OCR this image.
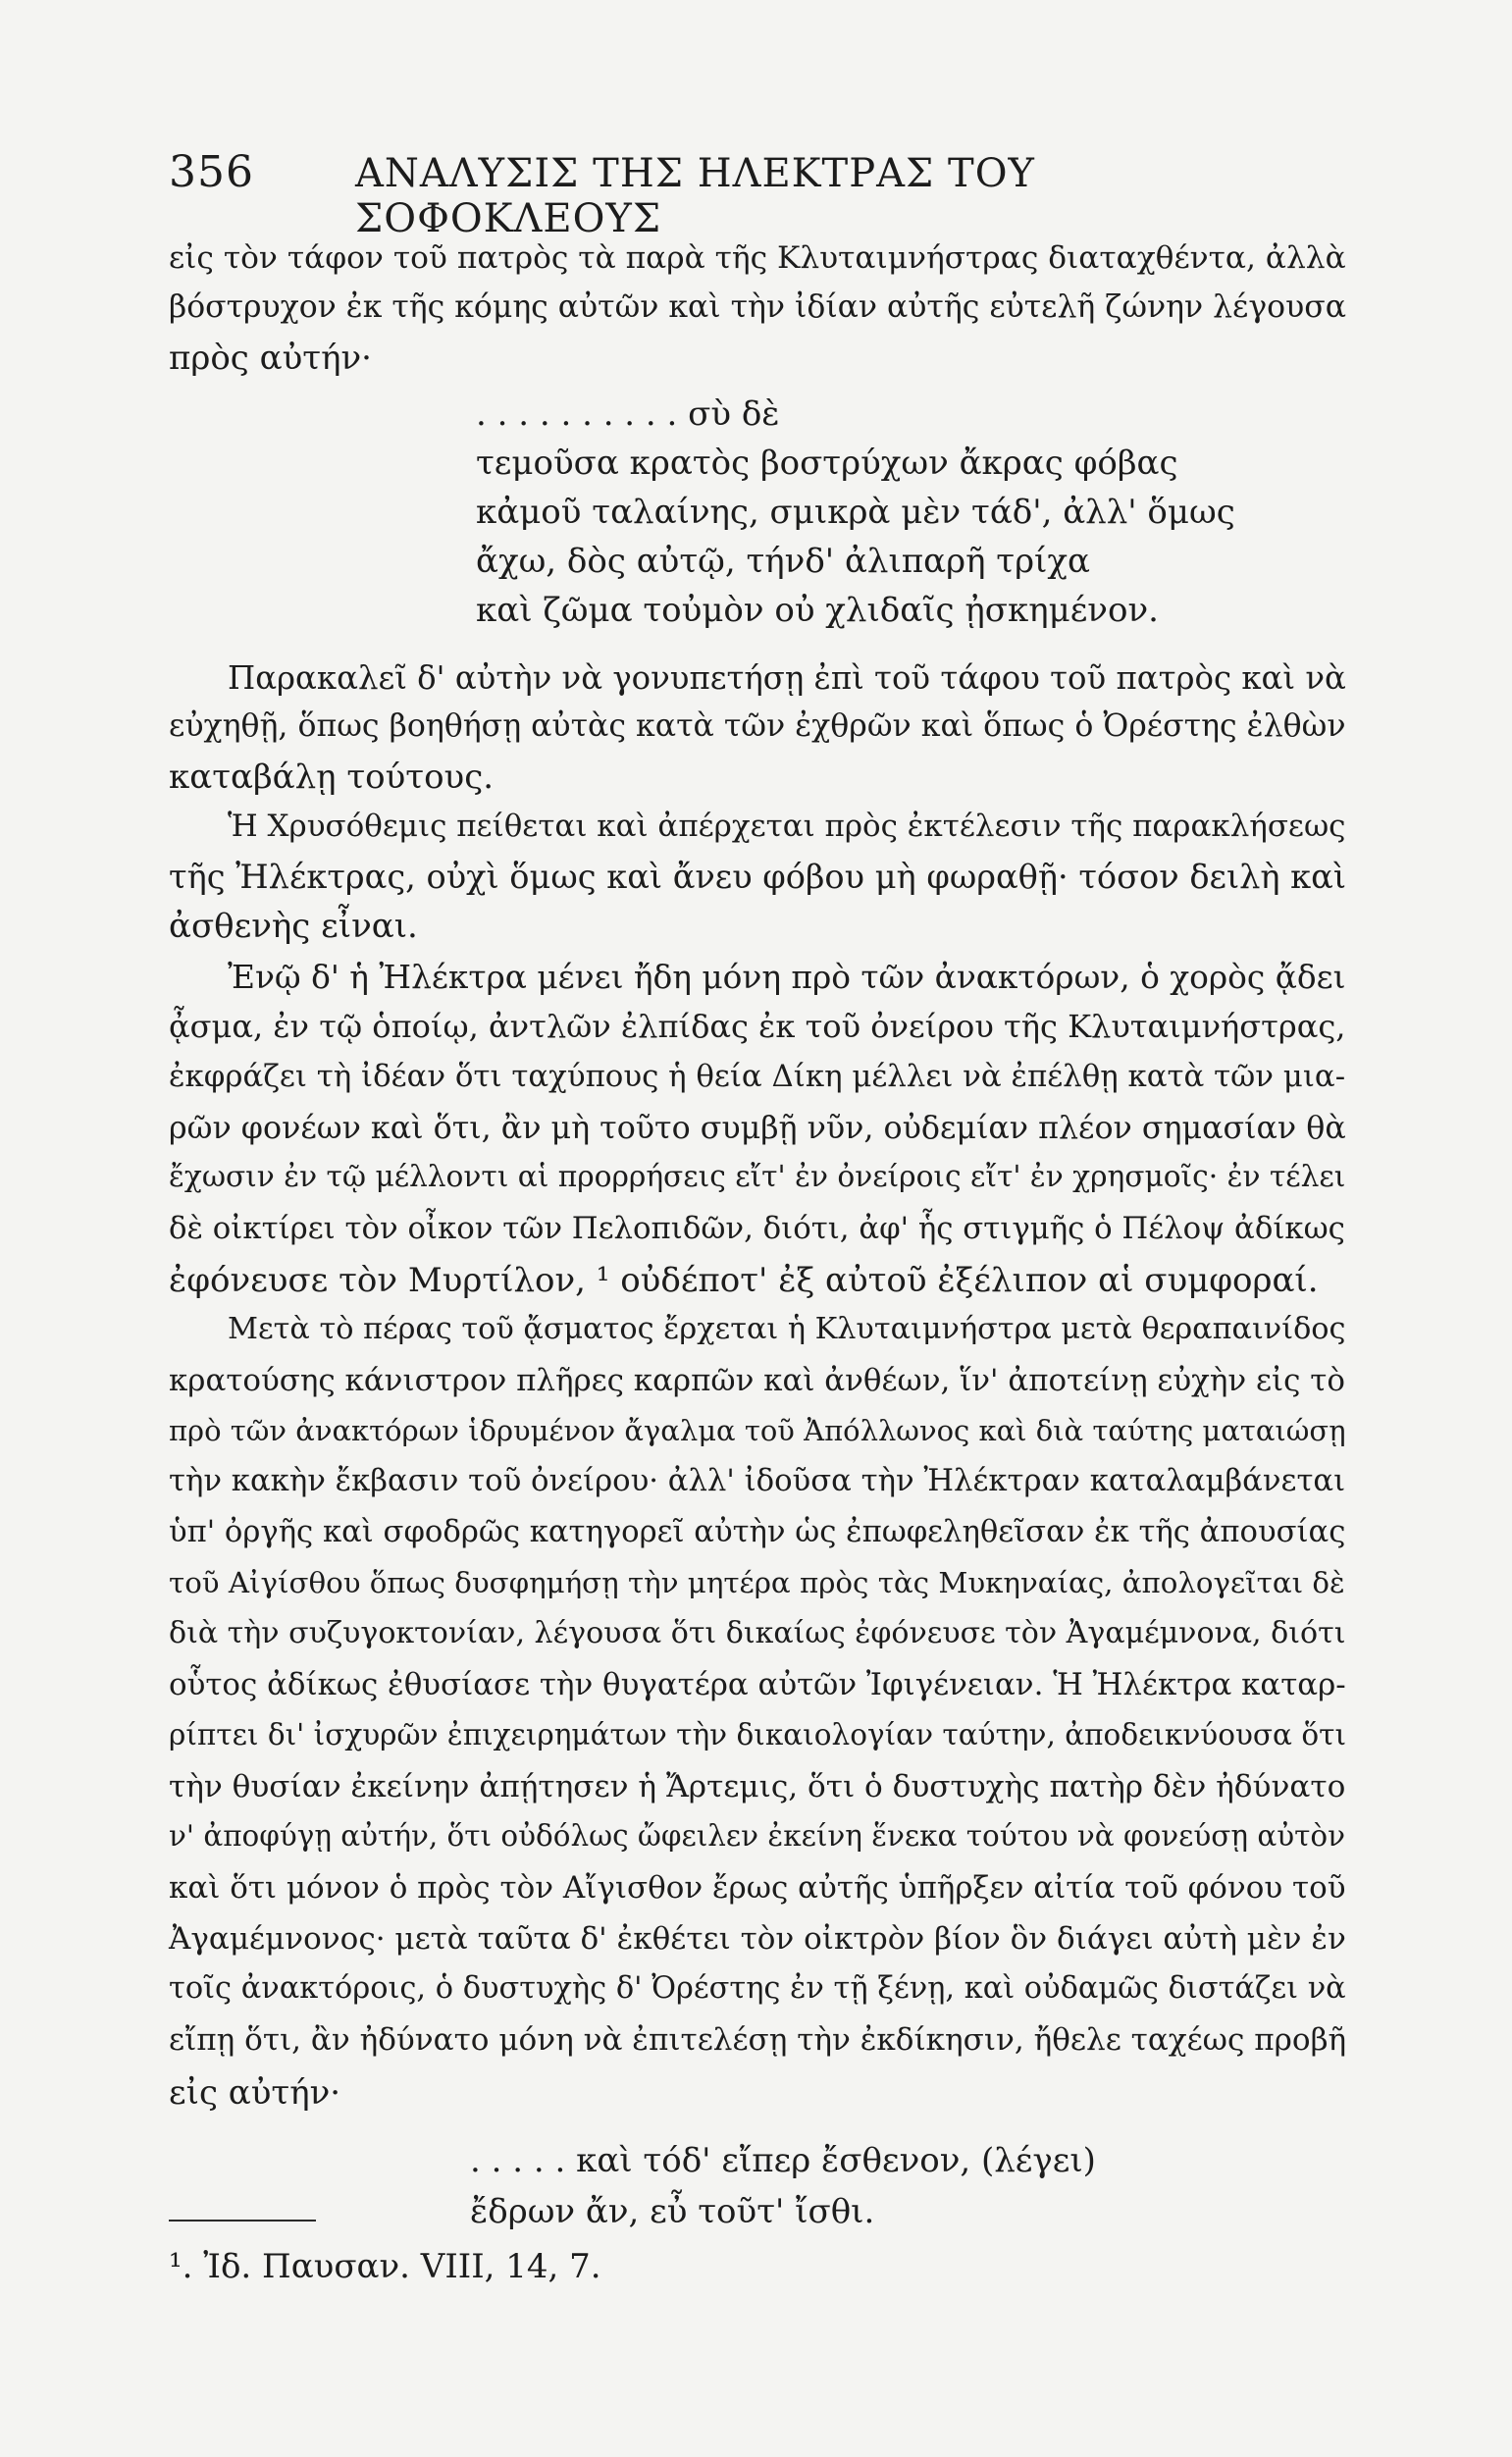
356	ΑΝΑΛΥΣΙΣ ΤΗΣ ΗΛΕΚΤΡΑΣ ΤΟΥ ΣΟΦΟΚΛΕΟΥΣ
εἰς τὸν τάφον τοῦ πατρὸς τὰ παρὰ τῆς Κλυταιμνήστρας διαταχθέντα, ἀλλὰ
βόστρυχον ἐκ τῆς κόμης αὐτῶν καὶ τὴν ἰδίαν αὐτῆς εὐτελῆ ζώνην λέγουσα
πρὸς αὐτήν·
. . . . . . . . . . σὺ δὲ
τεμοῦσα κρατὸς βοστρύχων ἄκρας φόβας
κἀμοῦ ταλαίνης, σμικρὰ μὲν τάδ', ἀλλ' ὅμως
ἄχω, δὸς αὐτῷ, τήνδ' ἀλιπαρῆ τρίχα
καὶ ζῶμα τοὐμὸν οὐ χλιδαῖς ᾐσκημένον.
Παρακαλεῖ δ' αὐτὴν νὰ γονυπετήσῃ ἐπὶ τοῦ τάφου τοῦ πατρὸς καὶ νὰ
εὐχηθῇ, ὅπως βοηθήσῃ αὐτὰς κατὰ τῶν ἐχθρῶν καὶ ὅπως ὁ Ὀρέστης ἐλθὼν
καταβάλῃ τούτους.
Ἡ Χρυσόθεμις πείθεται καὶ ἀπέρχεται πρὸς ἐκτέλεσιν τῆς παρακλήσεως
τῆς Ἠλέκτρας, οὐχὶ ὅμως καὶ ἄνευ φόβου μὴ φωραθῇ· τόσον δειλὴ καὶ
ἀσθενὴς εἶναι.
Ἐνῷ δ' ἡ Ἠλέκτρα μένει ἤδη μόνη πρὸ τῶν ἀνακτόρων, ὁ χορὸς ᾄδει
ᾆσμα, ἐν τῷ ὁποίῳ, ἀντλῶν ἐλπίδας ἐκ τοῦ ὀνείρου τῆς Κλυταιμνήστρας,
ἐκφράζει τὴ ἰδέαν ὅτι ταχύπους ἡ θεία Δίκη μέλλει νὰ ἐπέλθῃ κατὰ τῶν μια-
ρῶν φονέων καὶ ὅτι, ἂν μὴ τοῦτο συμβῇ νῦν, οὐδεμίαν πλέον σημασίαν θὰ
ἔχωσιν ἐν τῷ μέλλοντι αἱ προρρήσεις εἴτ' ἐν ὀνείροις εἴτ' ἐν χρησμοῖς· ἐν τέλει
δὲ οἰκτίρει τὸν οἶκον τῶν Πελοπιδῶν, διότι, ἀφ' ἧς στιγμῆς ὁ Πέλοψ ἀδίκως
ἐφόνευσε τὸν Μυρτίλον, ¹ οὐδέποτ' ἐξ αὐτοῦ ἐξέλιπον αἱ συμφοραί.
Μετὰ τὸ πέρας τοῦ ᾄσματος ἔρχεται ἡ Κλυταιμνήστρα μετὰ θεραπαινίδος
κρατούσης κάνιστρον πλῆρες καρπῶν καὶ ἀνθέων, ἵν' ἀποτείνῃ εὐχὴν εἰς τὸ
πρὸ τῶν ἀνακτόρων ἱδρυμένον ἄγαλμα τοῦ Ἀπόλλωνος καὶ διὰ ταύτης ματαιώσῃ
τὴν κακὴν ἔκβασιν τοῦ ὀνείρου· ἀλλ' ἰδοῦσα τὴν Ἠλέκτραν καταλαμβάνεται
ὑπ' ὀργῆς καὶ σφοδρῶς κατηγορεῖ αὐτὴν ὡς ἐπωφεληθεῖσαν ἐκ τῆς ἀπουσίας
τοῦ Αἰγίσθου ὅπως δυσφημήσῃ τὴν μητέρα πρὸς τὰς Μυκηναίας, ἀπολογεῖται δὲ
διὰ τὴν συζυγοκτονίαν, λέγουσα ὅτι δικαίως ἐφόνευσε τὸν Ἀγαμέμνονα, διότι
οὗτος ἀδίκως ἐθυσίασε τὴν θυγατέρα αὐτῶν Ἰφιγένειαν. Ἡ Ἠλέκτρα καταρ-
ρίπτει δι' ἰσχυρῶν ἐπιχειρημάτων τὴν δικαιολογίαν ταύτην, ἀποδεικνύουσα ὅτι
τὴν θυσίαν ἐκείνην ἀπῄτησεν ἡ Ἄρτεμις, ὅτι ὁ δυστυχὴς πατὴρ δὲν ἠδύνατο
ν' ἀποφύγῃ αὐτήν, ὅτι οὐδόλως ὤφειλεν ἐκείνη ἕνεκα τούτου νὰ φονεύσῃ αὐτὸν
καὶ ὅτι μόνον ὁ πρὸς τὸν Αἴγισθον ἔρως αὐτῆς ὑπῆρξεν αἰτία τοῦ φόνου τοῦ
Ἀγαμέμνονος· μετὰ ταῦτα δ' ἐκθέτει τὸν οἰκτρὸν βίον ὃν διάγει αὐτὴ μὲν ἐν
τοῖς ἀνακτόροις, ὁ δυστυχὴς δ' Ὀρέστης ἐν τῇ ξένῃ, καὶ οὐδαμῶς διστάζει νὰ
εἴπῃ ὅτι, ἂν ἠδύνατο μόνη νὰ ἐπιτελέσῃ τὴν ἐκδίκησιν, ἤθελε ταχέως προβῆ
εἰς αὐτήν·
. . . . . καὶ τόδ' εἴπερ ἔσθενον, (λέγει)
ἔδρων ἄν, εὖ τοῦτ' ἴσθι.
¹. Ἰδ. Παυσαν. VIII, 14, 7.
